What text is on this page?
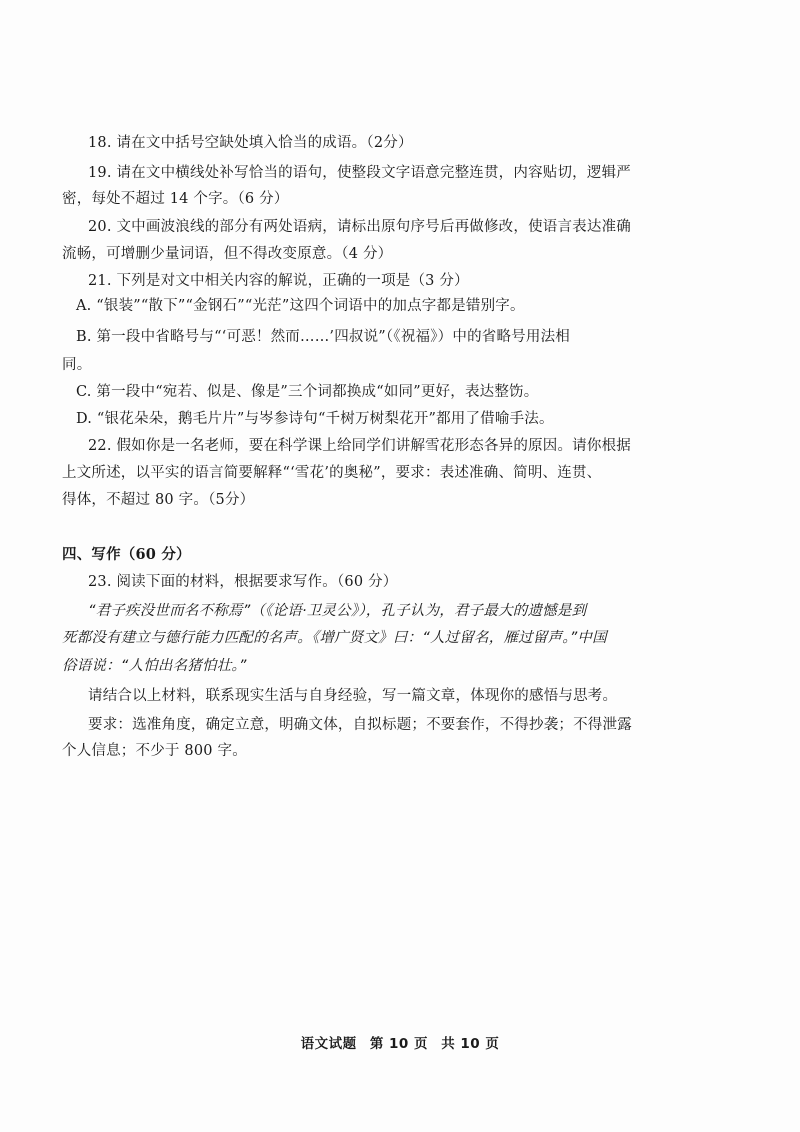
18. 请在文中括号空缺处填入恰当的成语。（2分）
19. 请在文中横线处补写恰当的语句，使整段文字语意完整连贯，内容贴切，逻辑严
密，每处不超过 14 个字。（6 分）
20. 文中画波浪线的部分有两处语病，请标出原句序号后再做修改，使语言表达准确
流畅，可增删少量词语，但不得改变原意。（4 分）
21. 下列是对文中相关内容的解说，正确的一项是（3 分）
A. “银装”“散下”“金钢石”“光茫”这四个词语中的加点字都是错别字。
B. 第一段中省略号与“‘可恶！然而……’四叔说”（《祝福》）中的省略号用法相
同。
C. 第一段中“宛若、似是、像是”三个词都换成“如同”更好，表达整饬。
D. “银花朵朵，鹅毛片片”与岑参诗句“千树万树梨花开”都用了借喻手法。
22. 假如你是一名老师，要在科学课上给同学们讲解雪花形态各异的原因。请你根据
上文所述，以平实的语言简要解释“‘雪花’的奥秘”，要求：表述准确、简明、连贯、
得体，不超过 80 字。（5分）
四、写作（60 分）
23. 阅读下面的材料，根据要求写作。（60 分）
“君子疾没世而名不称焉”（《论语·卫灵公》），孔子认为，君子最大的遗憾是到
死都没有建立与德行能力匹配的名声。《增广贤文》曰：“人过留名，雁过留声。”中国
俗语说：“人怕出名猪怕壮。”
请结合以上材料，联系现实生活与自身经验，写一篇文章，体现你的感悟与思考。
要求：选准角度，确定立意，明确文体，自拟标题；不要套作，不得抄袭；不得泄露
个人信息；不少于 800 字。
语文试题 第 10 页 共 10 页
